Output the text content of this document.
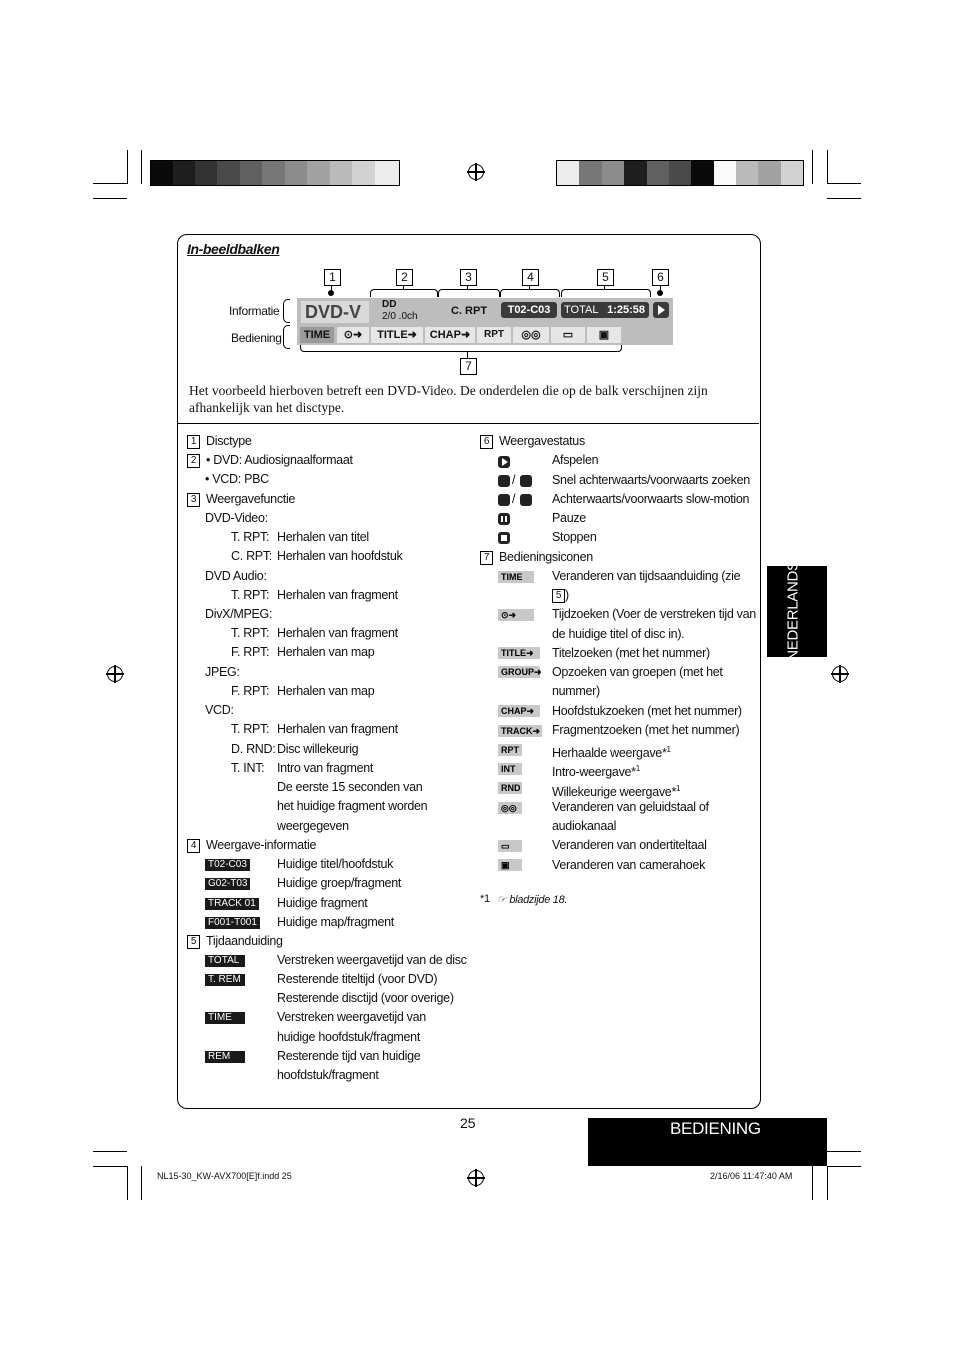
NEDERLANDS
In-beeldbalken
1	2	3	4	5	6
7
Informatie
Bediening
DVD-V	DD
2/0 .0ch	C. RPT	T02-C03	TOTAL 1:25:58
TIME	⊙➜	TITLE➜	CHAP➜	RPT	◎◎	▭	▣
Het voorbeeld hierboven betreft een DVD-Video. De onderdelen die op de balk verschijnen zijn afhankelijk van het disctype.
1 Disctype
2 • DVD: Audiosignaalformaat
• VCD: PBC
3 Weergavefunctie
DVD-Video:
T. RPT: Herhalen van titel
C. RPT: Herhalen van hoofdstuk
DVD Audio:
T. RPT: Herhalen van fragment
DivX/MPEG:
T. RPT: Herhalen van fragment
F. RPT: Herhalen van map
JPEG:
F. RPT: Herhalen van map
VCD:
T. RPT: Herhalen van fragment
D. RND: Disc willekeurig
T. INT: Intro van fragment
De eerste 15 seconden van
het huidige fragment worden
weergegeven
4 Weergave-informatie
T02-C03 Huidige titel/hoofdstuk
G02-T03 Huidige groep/fragment
TRACK 01 Huidige fragment
F001-T001 Huidige map/fragment
5 Tijdaanduiding
TOTAL	Verstreken weergavetijd van de disc
T. REM	Resterende titeltijd (voor DVD)
Resterende disctijd (voor overige)
TIME	Verstreken weergavetijd van
huidige hoofdstuk/fragment
REM	Resterende tijd van huidige
hoofdstuk/fragment
6 Weergavestatus
Afspelen
/	Snel achterwaarts/voorwaarts zoeken
/	Achterwaarts/voorwaarts slow-motion
Pauze
Stoppen
7 Bedieningsiconen
TIME	Veranderen van tijdsaanduiding (zie
5 )
⊙➜	Tijdzoeken (Voer de verstreken tijd van
de huidige titel of disc in).
TITLE➜	Titelzoeken (met het nummer)
GROUP➜ Opzoeken van groepen (met het
nummer)
CHAP➜	Hoofdstukzoeken (met het nummer)
TRACK➜ Fragmentzoeken (met het nummer)
RPT	Herhaalde weergave*$^1$
INT	Intro-weergave*$^1$
RND	Willekeurige weergave*$^1$
◎◎	Veranderen van geluidstaal of
audiokanaal
▭	Veranderen van ondertiteltaal
▣	Veranderen van camerahoek
*1 ☞ bladzijde 18.
25	BEDIENING
NL15-30_KW-AVX700[E]f.indd 25	2/16/06 11:47:40 AM
